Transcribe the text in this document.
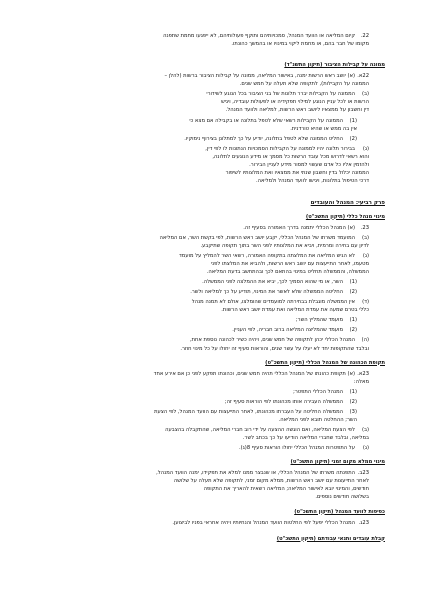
22.קיום המליאה או הוועד המנהל, סמכויותיהם ותוקף פעולותיהם, לא ייפגעו מחמת שתפנה
מקומו של חבר בהם, או מחמת ליקוי במינויו או בהמשך כהונתו.
ממונה על קבילות הציבור (תיקון התשנ"ד)
22א.(א) יושב ראש הרשות ימנה, באישור המליאה, ממונה על קבילות הציבור ברשות (להלן –
הממונה על הקבילות), לתקופה שלא תעלה על חמש שנים.
(ב)הממונה על הקבילות יברר תלונות של בני הציבור בכל הנוגע לשידורי
הרשות או לכל עניין הנוגע למילוי תפקידיה או לפעולות עובדיה, ויגיש
דין וחשבון על ממצאיו ליושב ראש הרשות, למליאה ולוועד המנהל.
(1)הממונה על הקבילות רשאי שלא לטפל בתלונה או בקבילה אם מצא כי
אין בה ממש או שהיא טורדנית.
(2)החליט הממונה שלא לטפל בתלונה, יודיע על כך למתלונן בצירוף נימוקיו.
(ג)בבירור תלונה יהיו לממונה על הקבילות הסמכויות הנתונות לו לפי דין,
והוא רשאי לדרוש מכל עובד הרשות כל מסמך או מידע הנוגעים לתלונה,
ולהזמין אליו כל אדם שעשוי למסור מידע לעניין הבירור.
הממונה יכלול בדין וחשבון שנתי את ממצאיו ואת המלצותיו לשיפור
דרכי הטיפול בתלונות, ויגישו לוועד המנהל ולמליאה.
פרק רביעי: המנהל והעובדים
מינוי מנהל כללי (תיקון התשכ"ט)
23.(א) המנהל הכללי יתמנה בדרך האמורה בסעיף זה.
(ב)המועמד משרתו של המנהל הכללי, יקבע יושב ראש הרשות, לפי בקשת השר, אם המליאה
לדיון עם בחירה ומרמית, ויביא את המלצותיו לפני השר בתוך תקופה שתיקבע.
(ג)לא הגיש המליאה את המלצתה בתקופה האמורה, רשאי השר להמליץ על מועמד
מטעמו, לאחר התייעצות עם יושב ראש הרשות, ולהביא את המלצתו לפני
הממשלה, והממשלה תחליט במינוי בהתאם לכך ובהתחשב בדעת המליאה.
(1)השר, או מי שהוא הסמיך לכך, יביא את ההמלצה לפני הממשלה.
(2)החליטה הממשלה שלא לאשר את המינוי, תודיע על כך למליאה ולשר.
(ד)אין הממשלה מוגבלת בבחירתה למועמדים שהומלצו, אולם לא תמנה מנהל
כללי בטרם שמעה את עמדת המליאה ואת עמדת יושב ראש הרשות.
(1)מועמד שהמליץ השר;
(2)מועמד שהמליצה המליאה ברוב חבריה, לפי העניין.
(ה)המנהל הכללי יכהן לתקופה של חמש שנים, ויהיה כשיר לכהונה נוספת אחת,
ובלבד שהתקופות יחד לא יעלו על עשר שנים, והוראות סעיף זה יחולו על כל מינוי חוזר.
תקופת הכהונה של המנהל הכללי (תיקון התשכ"ט)
23א.(א) תקופת כהונתו של המנהל הכללי תהיה חמש שנים, וכהונתו תפקע לפני כן אם אירע אחד
מאלה:
(1)המנהל הכללי התפטר;
(2)הממשלה העבירה אותו מכהונתו לפי הוראות סעיף זה;
(3)הממשלה החליטה על העברתו מכהונתו, לאחר התייעצות עם הוועד המנהל, לפי הצעת
השר; ההחלטה תובא לפני המליאה.
(ב)לפי הצעת המליאה, ואם הוגשה ההצעה על ידי רוב חברי המליאה, שהתקבלה בהצבעה
במליאה, ובלבד שחברי המליאה הודיעו על כך בכתב לשר.
(ג)על התפטרות המנהל הכללי יחולו הוראות סעיף 8(ג).
מינוי ממלא מקום זמני (תיקון התשכ"ט)
23ב.התפנתה משרתו של המנהל הכללי, או שנבצר ממנו למלא את תפקידו, ימנה הוועד המנהל,
לאחר התייעצות עם יושב ראש הרשות, ממלא מקום זמני, לתקופה שלא תעלה על שלושה
חודשים, והמינוי יובא לאישור המליאה; המליאה רשאית להאריך את התקופה
בשלושה חודשים נוספים.
כפיפות לוועד המנהל (תיקון התשכ"ט)
23ג.המנהל הכללי יפעל לפי החלטות הוועד המנהל והנחיותיו ויהיה אחראי בפניו לביצוען.
קבלת עובדים ותנאי עבודתם (תיקון התשכ"ט)
